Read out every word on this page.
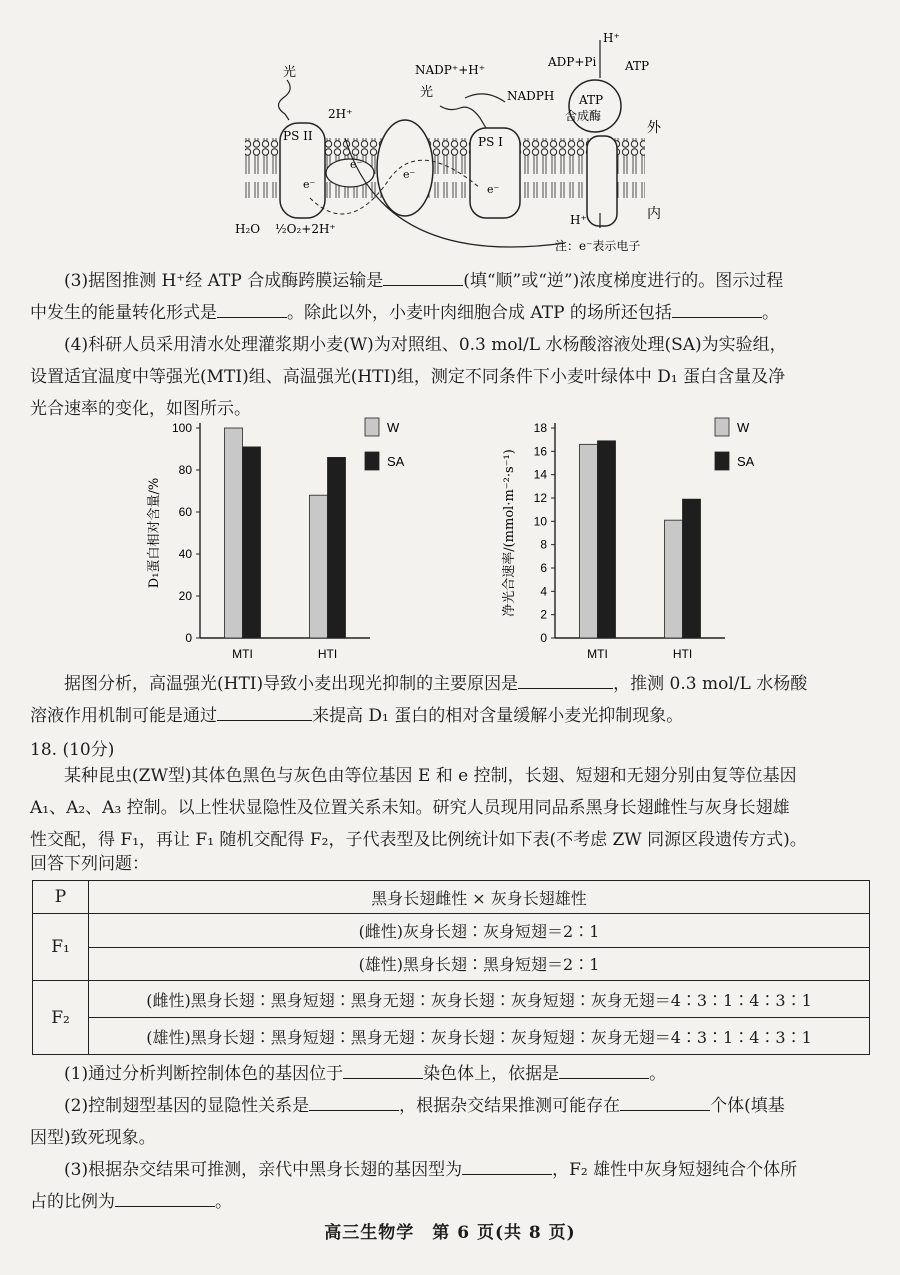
光
光
PS II	PS I
2H⁺
NADP⁺+H⁺
NADPH
ADP+Pi ATP
H⁺
ATP
合成酶
外
内
H₂O ½O₂+2H⁺
e⁻
e⁻
e⁻
e⁻
H⁺
注：e⁻表示电子
(3)据图推测 H⁺经 ATP 合成酶跨膜运输是	(填“顺”或“逆”)浓度梯度进行的。图示过程
中发生的能量转化形式是	。除此以外，小麦叶肉细胞合成 ATP 的场所还包括	。
(4)科研人员采用清水处理灌浆期小麦(W)为对照组、0.3 mol/L 水杨酸溶液处理(SA)为实验组，
设置适宜温度中等强光(MTI)组、高温强光(HTI)组，测定不同条件下小麦叶绿体中 D₁ 蛋白含量及净
光合速率的变化，如图所示。
0
20
40
60
80
100
MTI	HTI
D₁蛋白相对含量/%
W
SA
0
2
4
6
8
10
12
14
16
18
MTI	HTI
净光合速率/(mmol·m⁻²·s⁻¹)
W
SA
据图分析，高温强光(HTI)导致小麦出现光抑制的主要原因是	，推测 0.3 mol/L 水杨酸
溶液作用机制可能是通过	来提高 D₁ 蛋白的相对含量缓解小麦光抑制现象。
18. (10分)
某种昆虫(ZW型)其体色黑色与灰色由等位基因 E 和 e 控制，长翅、短翅和无翅分别由复等位基因
A₁、A₂、A₃ 控制。以上性状显隐性及位置关系未知。研究人员现用同品系黑身长翅雌性与灰身长翅雄
性交配，得 F₁，再让 F₁ 随机交配得 F₂，子代表型及比例统计如下表(不考虑 ZW 同源区段遗传方式)。
回答下列问题：
P	黑身长翅雌性 × 灰身长翅雄性
F₁	(雌性)灰身长翅∶灰身短翅＝2∶1
	(雄性)黑身长翅∶黑身短翅＝2∶1
F₂	(雌性)黑身长翅∶黑身短翅∶黑身无翅∶灰身长翅∶灰身短翅∶灰身无翅＝4∶3∶1∶4∶3∶1
	(雄性)黑身长翅∶黑身短翅∶黑身无翅∶灰身长翅∶灰身短翅∶灰身无翅＝4∶3∶1∶4∶3∶1
(1)通过分析判断控制体色的基因位于	染色体上，依据是	。
(2)控制翅型基因的显隐性关系是	，根据杂交结果推测可能存在	个体(填基
因型)致死现象。
(3)根据杂交结果可推测，亲代中黑身长翅的基因型为	，F₂ 雄性中灰身短翅纯合个体所
占的比例为	。
高三生物学　第 6 页(共 8 页)
